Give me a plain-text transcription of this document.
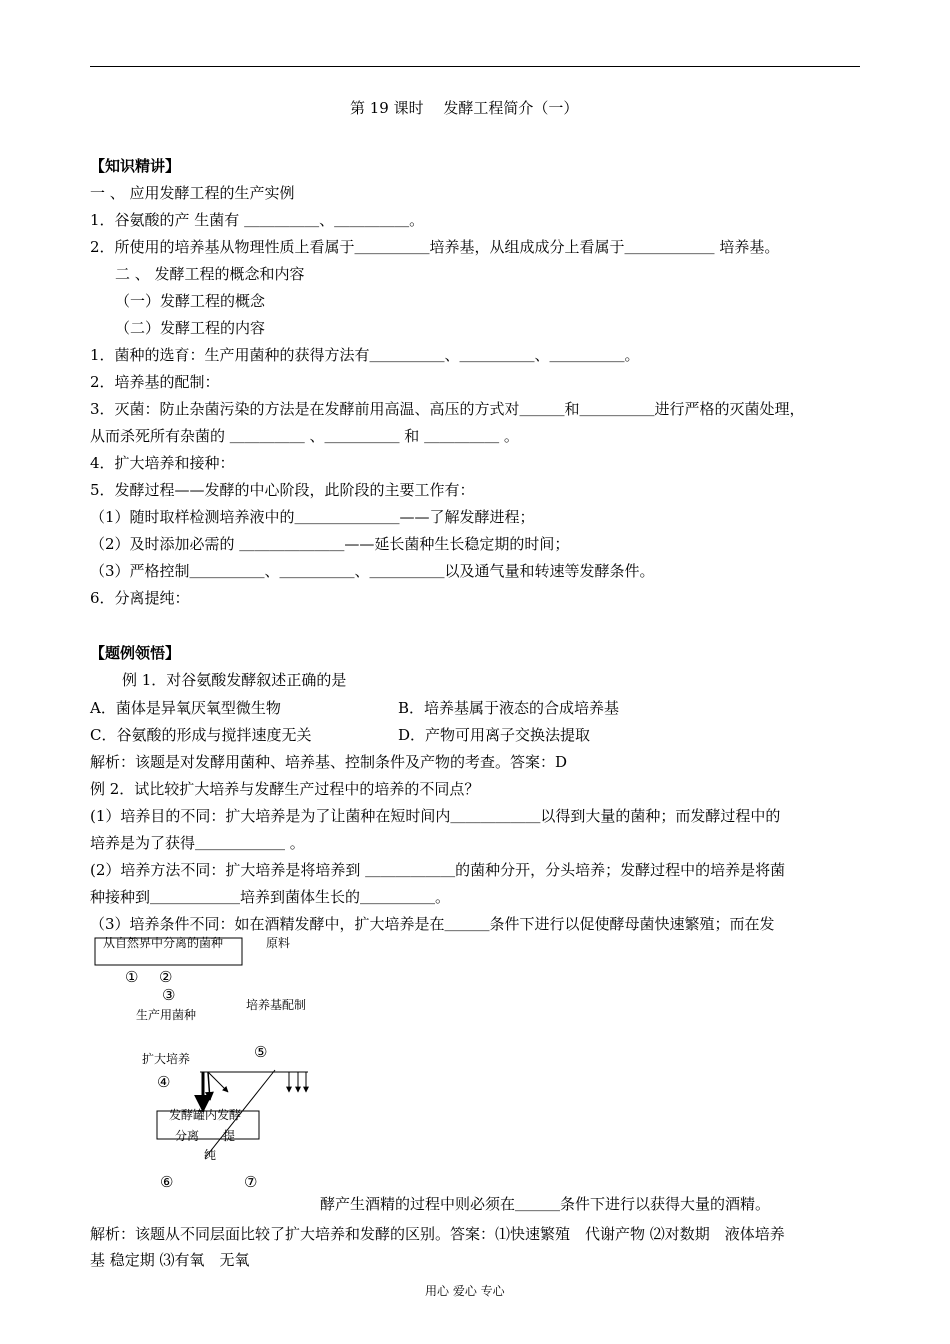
第 19 课时　 发酵工程简介（一）
【知识精讲】
一 、 应用发酵工程的生产实例
1．谷氨酸的产 生菌有 ＿＿＿＿＿、＿＿＿＿＿。
2．所使用的培养基从物理性质上看属于＿＿＿＿＿培养基，从组成成分上看属于＿＿＿＿＿＿ 培养基。
二 、 发酵工程的概念和内容
（一）发酵工程的概念
（二）发酵工程的内容
1．菌种的选育：生产用菌种的获得方法有＿＿＿＿＿、＿＿＿＿＿、＿＿＿＿＿。
2．培养基的配制：
3．灭菌：防止杂菌污染的方法是在发酵前用高温、高压的方式对＿＿＿和＿＿＿＿＿进行严格的灭菌处理，
从而杀死所有杂菌的 ＿＿＿＿＿ 、＿＿＿＿＿ 和 ＿＿＿＿＿ 。
4．扩大培养和接种：
5．发酵过程——发酵的中心阶段，此阶段的主要工作有：
（1）随时取样检测培养液中的＿＿＿＿＿＿＿——了解发酵进程；
（2）及时添加必需的 ＿＿＿＿＿＿＿——延长菌种生长稳定期的时间；
（3）严格控制＿＿＿＿＿、＿＿＿＿＿、＿＿＿＿＿以及通气量和转速等发酵条件。
6．分离提纯：
【题例领悟】
例 1．对谷氨酸发酵叙述正确的是
A．菌体是异氧厌氧型微生物	B．培养基属于液态的合成培养基
C．谷氨酸的形成与搅拌速度无关	D．产物可用离子交换法提取
解析：该题是对发酵用菌种、培养基、控制条件及产物的考查。答案：D
例 2．试比较扩大培养与发酵生产过程中的培养的不同点？
(1）培养目的不同：扩大培养是为了让菌种在短时间内＿＿＿＿＿＿以得到大量的菌种；而发酵过程中的
培养是为了获得＿＿＿＿＿＿ 。
(2）培养方法不同：扩大培养是将培养到 ＿＿＿＿＿＿的菌种分开，分头培养；发酵过程中的培养是将菌
种接种到＿＿＿＿＿＿培养到菌体生长的＿＿＿＿＿。
（3）培养条件不同：如在酒精发酵中，扩大培养是在＿＿＿条件下进行以促使酵母菌快速繁殖；而在发
从自然界中分离的菌种	原料
① ②
③
生产用菌种
培养基配制
⑤
扩大培养
④
发酵罐内发酵
分离　　提
纯
⑥	⑦
酵产生酒精的过程中则必须在＿＿＿条件下进行以获得大量的酒精。
解析：该题从不同层面比较了扩大培养和发酵的区别。答案：⑴快速繁殖　代谢产物 ⑵对数期　液体培养
基 稳定期 ⑶有氧　无氧
用心 爱心 专心
